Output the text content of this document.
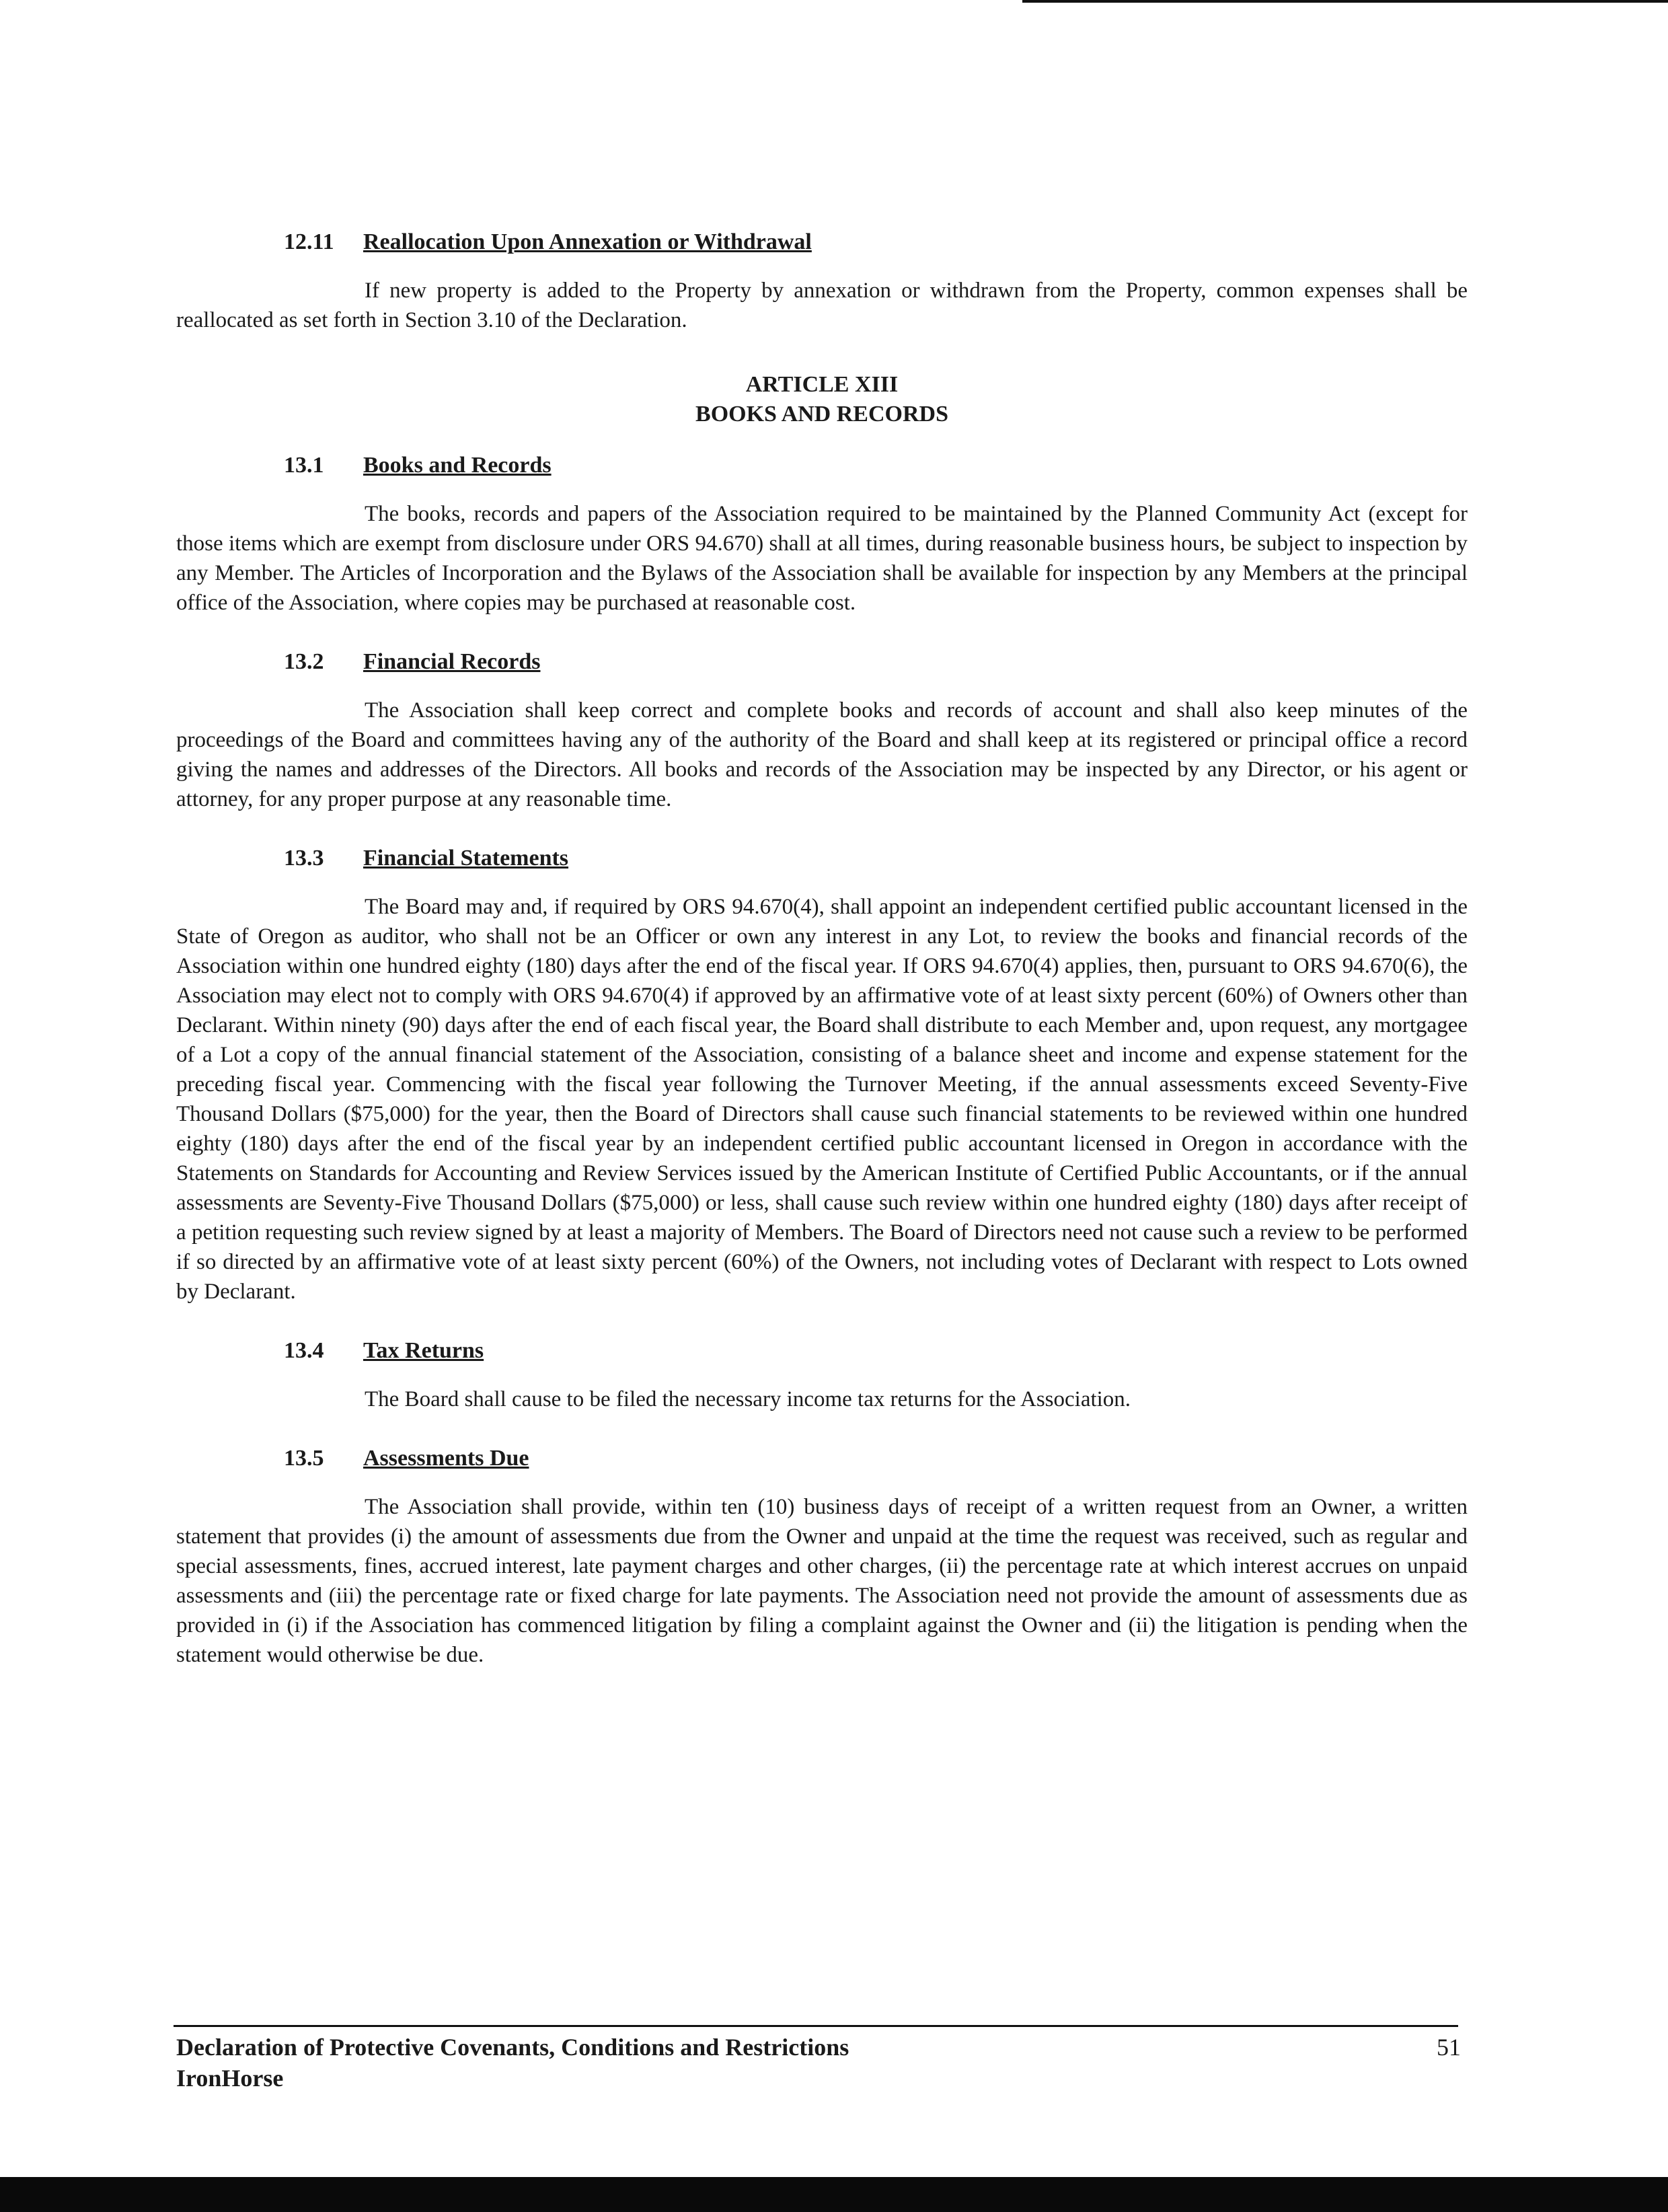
12.11 Reallocation Upon Annexation or Withdrawal

If new property is added to the Property by annexation or withdrawn from the Property, common expenses shall be reallocated as set forth in Section 3.10 of the Declaration.

ARTICLE XIII
BOOKS AND RECORDS
13.1 Books and Records

The books, records and papers of the Association required to be maintained by the Planned Community Act (except for those items which are exempt from disclosure under ORS 94.670) shall at all times, during reasonable business hours, be subject to inspection by any Member. The Articles of Incorporation and the Bylaws of the Association shall be available for inspection by any Members at the principal office of the Association, where copies may be purchased at reasonable cost.

13.2 Financial Records

The Association shall keep correct and complete books and records of account and shall also keep minutes of the proceedings of the Board and committees having any of the authority of the Board and shall keep at its registered or principal office a record giving the names and addresses of the Directors. All books and records of the Association may be inspected by any Director, or his agent or attorney, for any proper purpose at any reasonable time.

13.3 Financial Statements

The Board may and, if required by ORS 94.670(4), shall appoint an independent certified public accountant licensed in the State of Oregon as auditor, who shall not be an Officer or own any interest in any Lot, to review the books and financial records of the Association within one hundred eighty (180) days after the end of the fiscal year. If ORS 94.670(4) applies, then, pursuant to ORS 94.670(6), the Association may elect not to comply with ORS 94.670(4) if approved by an affirmative vote of at least sixty percent (60%) of Owners other than Declarant. Within ninety (90) days after the end of each fiscal year, the Board shall distribute to each Member and, upon request, any mortgagee of a Lot a copy of the annual financial statement of the Association, consisting of a balance sheet and income and expense statement for the preceding fiscal year. Commencing with the fiscal year following the Turnover Meeting, if the annual assessments exceed Seventy-Five Thousand Dollars ($75,000) for the year, then the Board of Directors shall cause such financial statements to be reviewed within one hundred eighty (180) days after the end of the fiscal year by an independent certified public accountant licensed in Oregon in accordance with the Statements on Standards for Accounting and Review Services issued by the American Institute of Certified Public Accountants, or if the annual assessments are Seventy-Five Thousand Dollars ($75,000) or less, shall cause such review within one hundred eighty (180) days after receipt of a petition requesting such review signed by at least a majority of Members. The Board of Directors need not cause such a review to be performed if so directed by an affirmative vote of at least sixty percent (60%) of the Owners, not including votes of Declarant with respect to Lots owned by Declarant.

13.4 Tax Returns

The Board shall cause to be filed the necessary income tax returns for the Association.

13.5 Assessments Due

The Association shall provide, within ten (10) business days of receipt of a written request from an Owner, a written statement that provides (i) the amount of assessments due from the Owner and unpaid at the time the request was received, such as regular and special assessments, fines, accrued interest, late payment charges and other charges, (ii) the percentage rate at which interest accrues on unpaid assessments and (iii) the percentage rate or fixed charge for late payments. The Association need not provide the amount of assessments due as provided in (i) if the Association has commenced litigation by filing a complaint against the Owner and (ii) the litigation is pending when the statement would otherwise be due.

Declaration of Protective Covenants, Conditions and Restrictions
IronHorse
51
